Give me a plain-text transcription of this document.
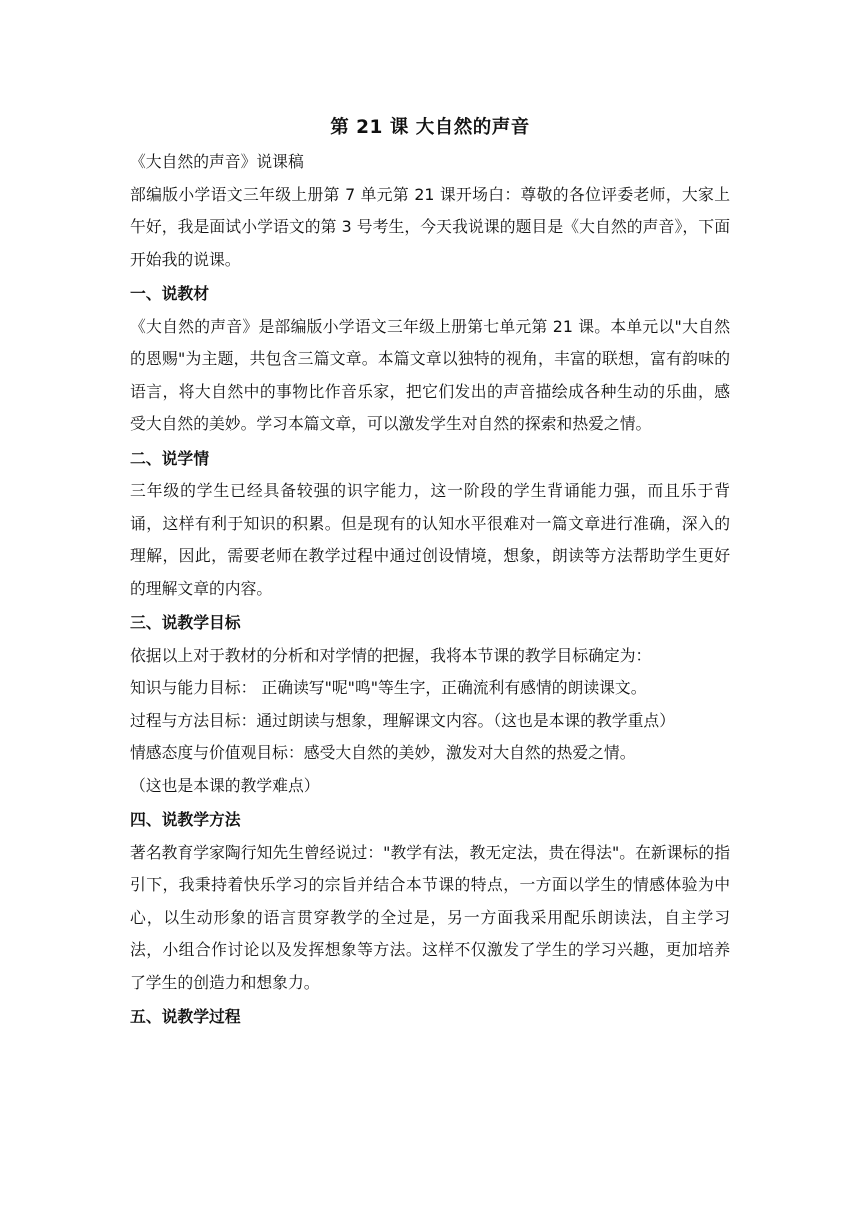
第 21 课 大自然的声音
《大自然的声音》说课稿
部编版小学语文三年级上册第 7 单元第 21 课开场白：尊敬的各位评委老师，大家上午好，我是面试小学语文的第 3 号考生，今天我说课的题目是《大自然的声音》，下面开始我的说课。
一、说教材
《大自然的声音》是部编版小学语文三年级上册第七单元第 21 课。本单元以"大自然的恩赐"为主题，共包含三篇文章。本篇文章以独特的视角，丰富的联想，富有韵味的语言，将大自然中的事物比作音乐家，把它们发出的声音描绘成各种生动的乐曲，感受大自然的美妙。学习本篇文章，可以激发学生对自然的探索和热爱之情。
二、说学情
三年级的学生已经具备较强的识字能力，这一阶段的学生背诵能力强，而且乐于背诵，这样有利于知识的积累。但是现有的认知水平很难对一篇文章进行准确，深入的理解，因此，需要老师在教学过程中通过创设情境，想象，朗读等方法帮助学生更好的理解文章的内容。
三、说教学目标
依据以上对于教材的分析和对学情的把握，我将本节课的教学目标确定为：
知识与能力目标： 正确读写"呢"鸣"等生字，正确流利有感情的朗读课文。
过程与方法目标：通过朗读与想象，理解课文内容。（这也是本课的教学重点）
情感态度与价值观目标：感受大自然的美妙，激发对大自然的热爱之情。
（这也是本课的教学难点）
四、说教学方法
著名教育学家陶行知先生曾经说过："教学有法，教无定法，贵在得法"。在新课标的指引下，我秉持着快乐学习的宗旨并结合本节课的特点，一方面以学生的情感体验为中心，以生动形象的语言贯穿教学的全过是，另一方面我采用配乐朗读法，自主学习法，小组合作讨论以及发挥想象等方法。这样不仅激发了学生的学习兴趣，更加培养了学生的创造力和想象力。
五、说教学过程
